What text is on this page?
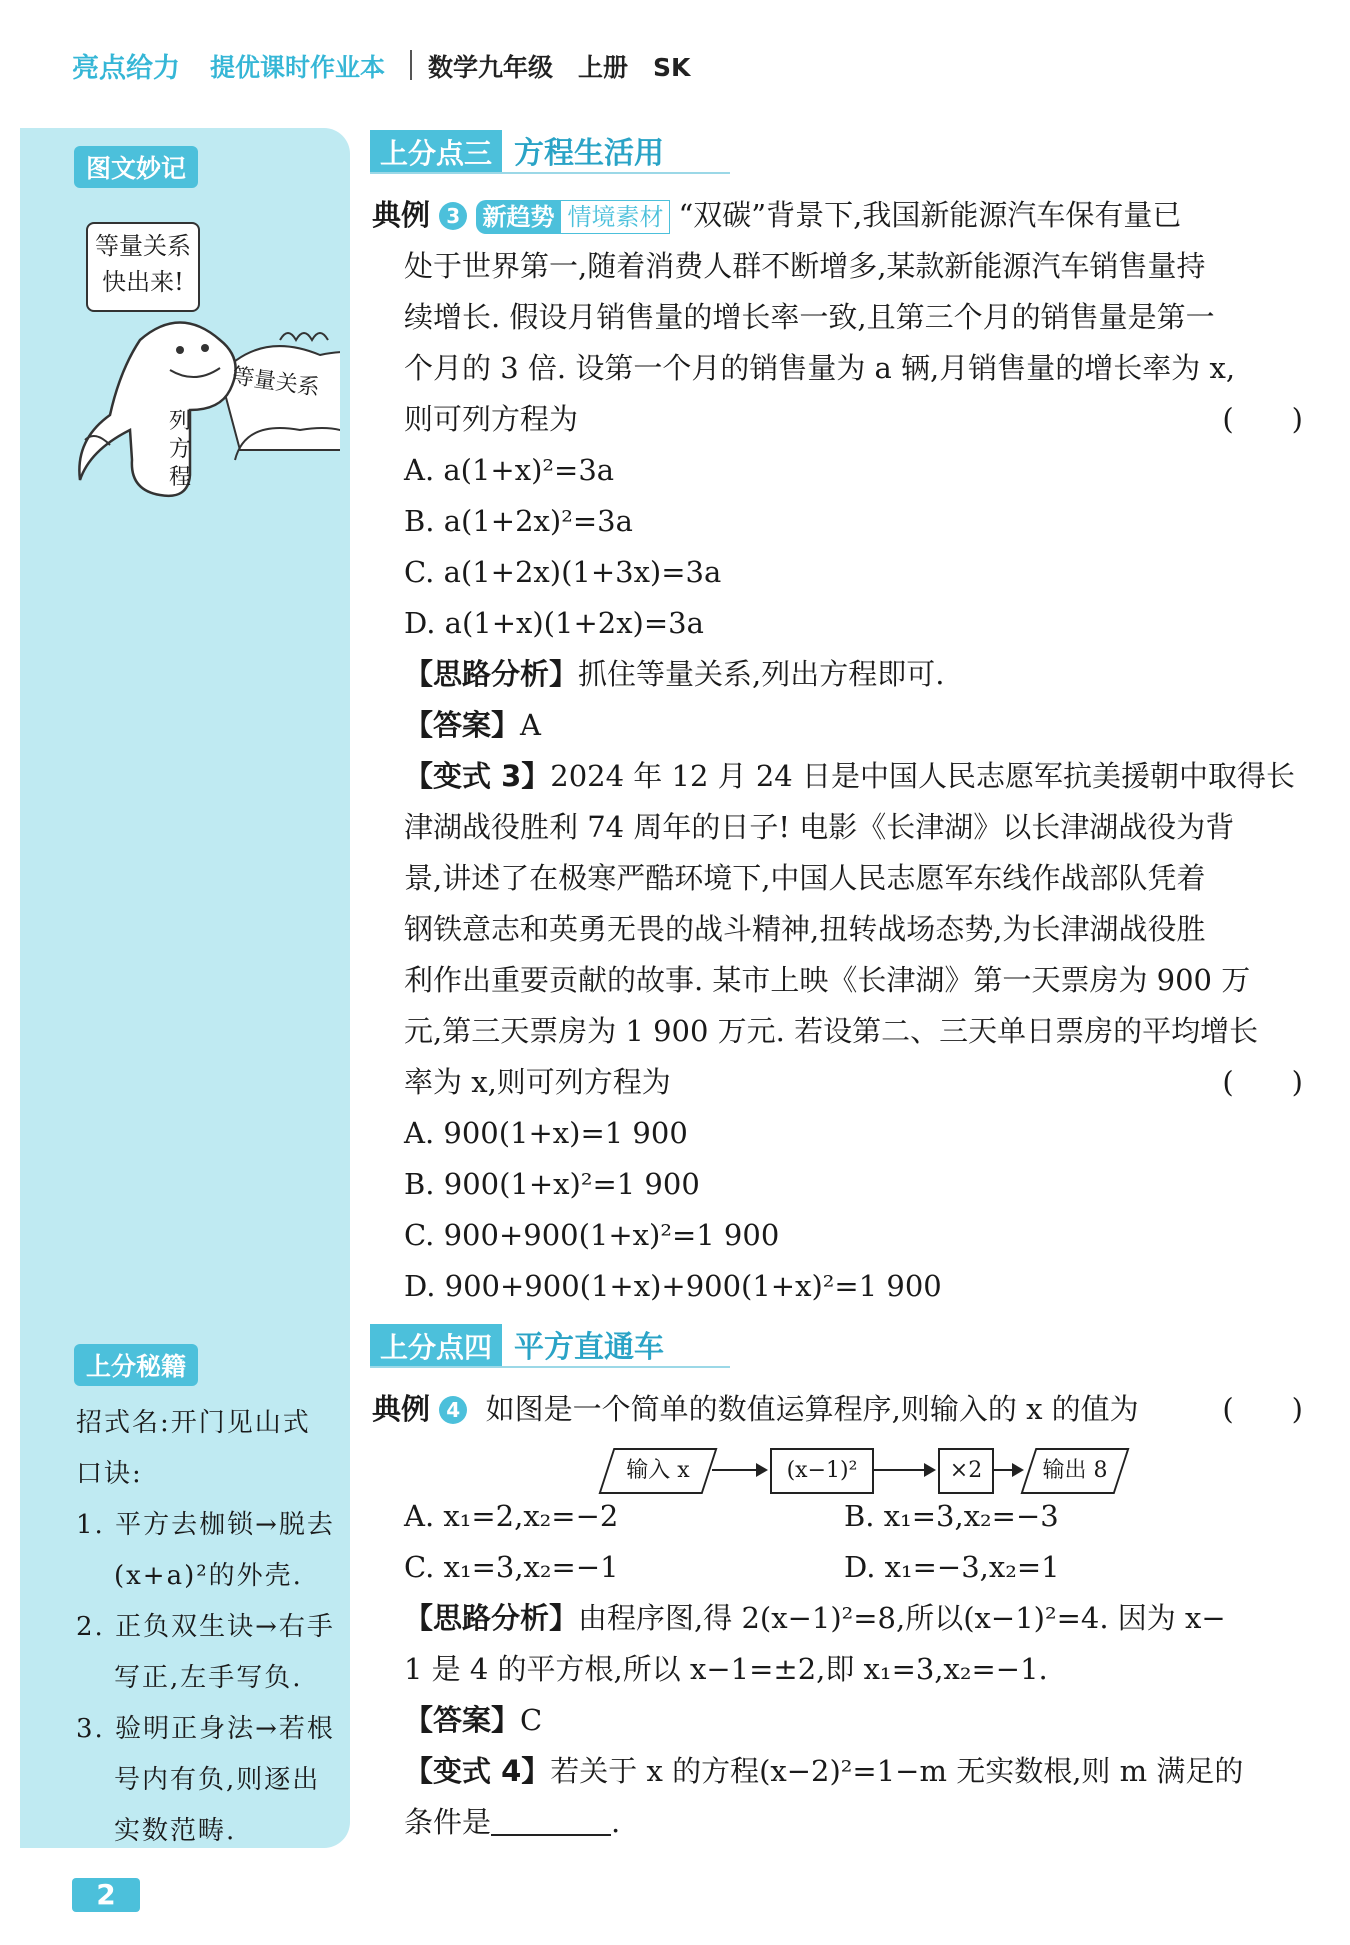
亮点给力 提优课时作业本 数学九年级　上册　SK
图文妙记
等量关系
快出来!
等量关系
列
方
程
上分秘籍
招式名:开门见山式
口诀:
1. 平方去枷锁→脱去
(x+a)²的外壳.
2. 正负双生诀→右手
写正,左手写负.
3. 验明正身法→若根
号内有负,则逐出
实数范畴.
上分点三 方程生活用

典例 3 新趋势 情境素材 “双碳”背景下,我国新能源汽车保有量已

处于世界第一,随着消费人群不断增多,某款新能源汽车销售量持

续增长. 假设月销售量的增长率一致,且第三个月的销售量是第一

个月的 3 倍. 设第一个月的销售量为 a 辆,月销售量的增长率为 x,

则可列方程为	(　　)

A. a(1+x)²=3a

B. a(1+2x)²=3a

C. a(1+2x)(1+3x)=3a

D. a(1+x)(1+2x)=3a

【思路分析】抓住等量关系,列出方程即可.

【答案】A

【变式 3】2024 年 12 月 24 日是中国人民志愿军抗美援朝中取得长

津湖战役胜利 74 周年的日子! 电影《长津湖》以长津湖战役为背

景,讲述了在极寒严酷环境下,中国人民志愿军东线作战部队凭着

钢铁意志和英勇无畏的战斗精神,扭转战场态势,为长津湖战役胜

利作出重要贡献的故事. 某市上映《长津湖》第一天票房为 900 万

元,第三天票房为 1 900 万元. 若设第二、三天单日票房的平均增长

率为 x,则可列方程为	(　　)

A. 900(1+x)=1 900

B. 900(1+x)²=1 900

C. 900+900(1+x)²=1 900

D. 900+900(1+x)+900(1+x)²=1 900

上分点四 平方直通车

典例 4 如图是一个简单的数值运算程序,则输入的 x 的值为	(　　)

A. x₁=2,x₂=−2	B. x₁=3,x₂=−3
C. x₁=3,x₂=−1	D. x₁=−3,x₂=1

【思路分析】由程序图,得 2(x−1)²=8,所以(x−1)²=4. 因为 x−

1 是 4 的平方根,所以 x−1=±2,即 x₁=3,x₂=−1.

【答案】C

【变式 4】若关于 x 的方程(x−2)²=1−m 无实数根,则 m 满足的

条件是	.

输入 x	(x−1)²	×2	输出 8
2
